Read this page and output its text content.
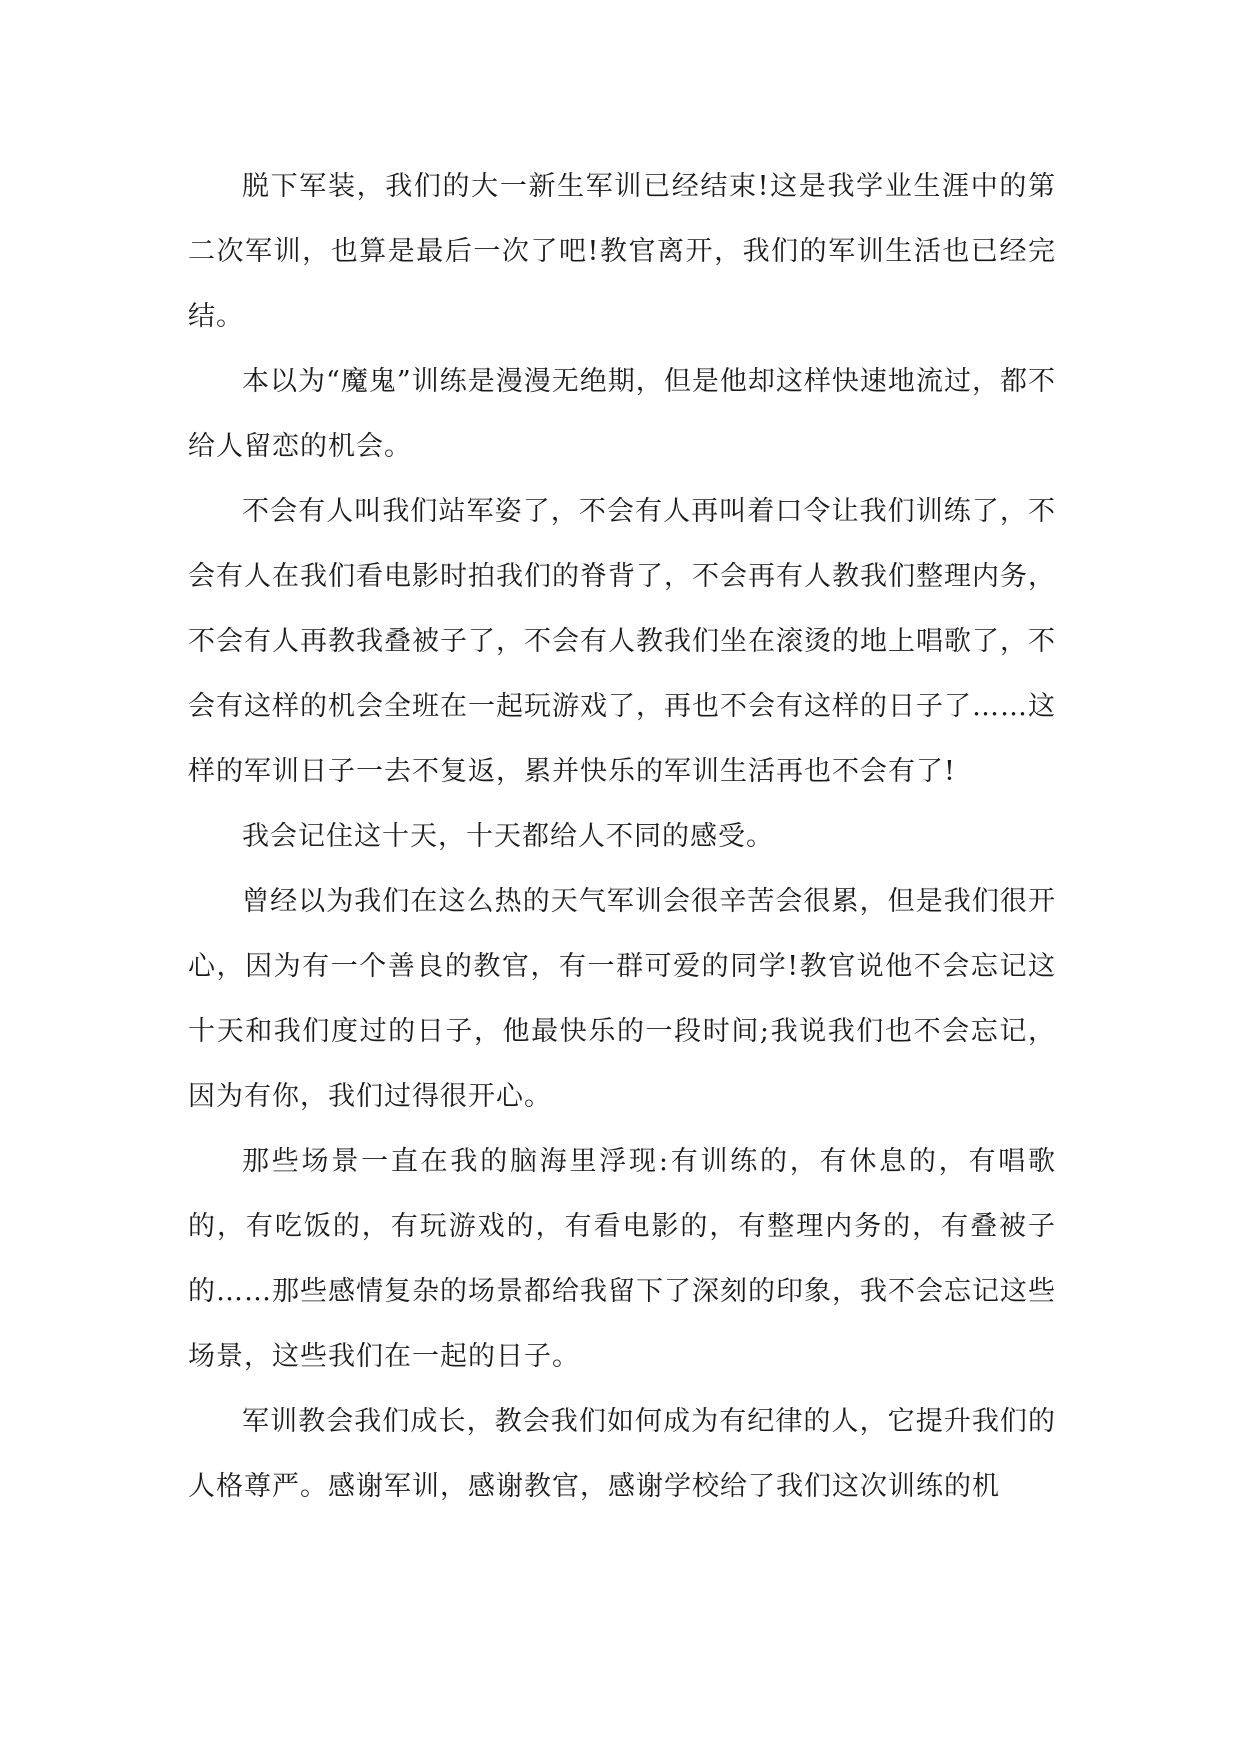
脱下军装，我们的大一新生军训已经结束!这是我学业生涯中的第二次军训，也算是最后一次了吧!教官离开，我们的军训生活也已经完结。

本以为“魔鬼”训练是漫漫无绝期，但是他却这样快速地流过，都不给人留恋的机会。

不会有人叫我们站军姿了，不会有人再叫着口令让我们训练了，不会有人在我们看电影时拍我们的脊背了，不会再有人教我们整理内务，不会有人再教我叠被子了，不会有人教我们坐在滚烫的地上唱歌了，不会有这样的机会全班在一起玩游戏了，再也不会有这样的日子了……这样的军训日子一去不复返，累并快乐的军训生活再也不会有了!

我会记住这十天，十天都给人不同的感受。

曾经以为我们在这么热的天气军训会很辛苦会很累，但是我们很开心，因为有一个善良的教官，有一群可爱的同学!教官说他不会忘记这十天和我们度过的日子，他最快乐的一段时间;我说我们也不会忘记，因为有你，我们过得很开心。

那些场景一直在我的脑海里浮现:有训练的，有休息的，有唱歌的，有吃饭的，有玩游戏的，有看电影的，有整理内务的，有叠被子的……那些感情复杂的场景都给我留下了深刻的印象，我不会忘记这些场景，这些我们在一起的日子。

军训教会我们成长，教会我们如何成为有纪律的人，它提升我们的人格尊严。感谢军训，感谢教官，感谢学校给了我们这次训练的机
